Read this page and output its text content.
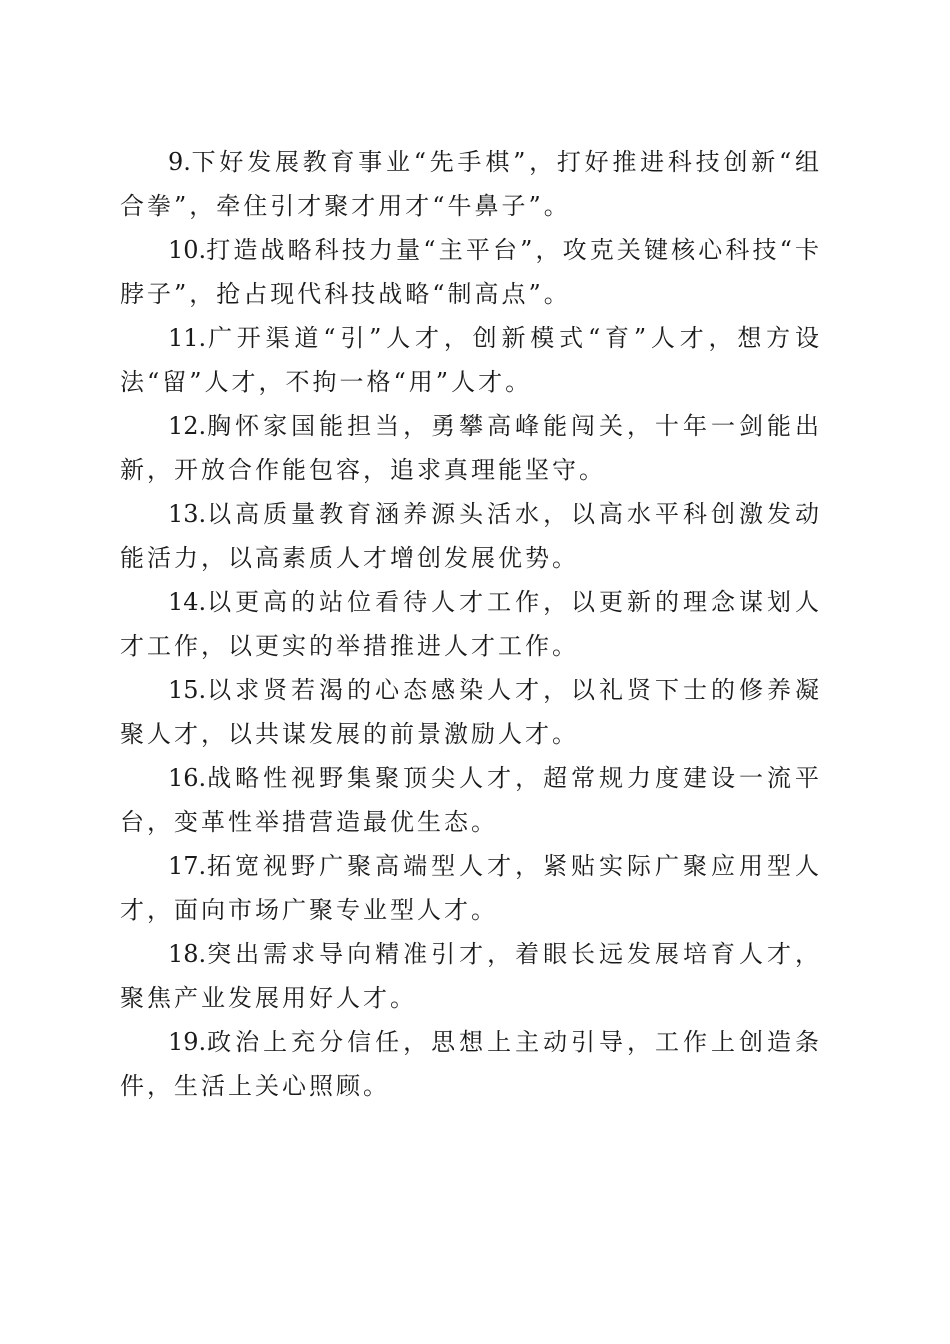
9.下好发展教育事业“先手棋”，打好推进科技创新“组合拳”，牵住引才聚才用才“牛鼻子”。

10.打造战略科技力量“主平台”，攻克关键核心科技“卡脖子”，抢占现代科技战略“制高点”。

11.广开渠道“引”人才，创新模式“育”人才，想方设法“留”人才，不拘一格“用”人才。

12.胸怀家国能担当，勇攀高峰能闯关，十年一剑能出新，开放合作能包容，追求真理能坚守。

13.以高质量教育涵养源头活水，以高水平科创激发动能活力，以高素质人才增创发展优势。

14.以更高的站位看待人才工作，以更新的理念谋划人才工作，以更实的举措推进人才工作。

15.以求贤若渴的心态感染人才，以礼贤下士的修养凝聚人才，以共谋发展的前景激励人才。

16.战略性视野集聚顶尖人才，超常规力度建设一流平台，变革性举措营造最优生态。

17.拓宽视野广聚高端型人才，紧贴实际广聚应用型人才，面向市场广聚专业型人才。

18.突出需求导向精准引才，着眼长远发展培育人才，聚焦产业发展用好人才。

19.政治上充分信任，思想上主动引导，工作上创造条件，生活上关心照顾。
